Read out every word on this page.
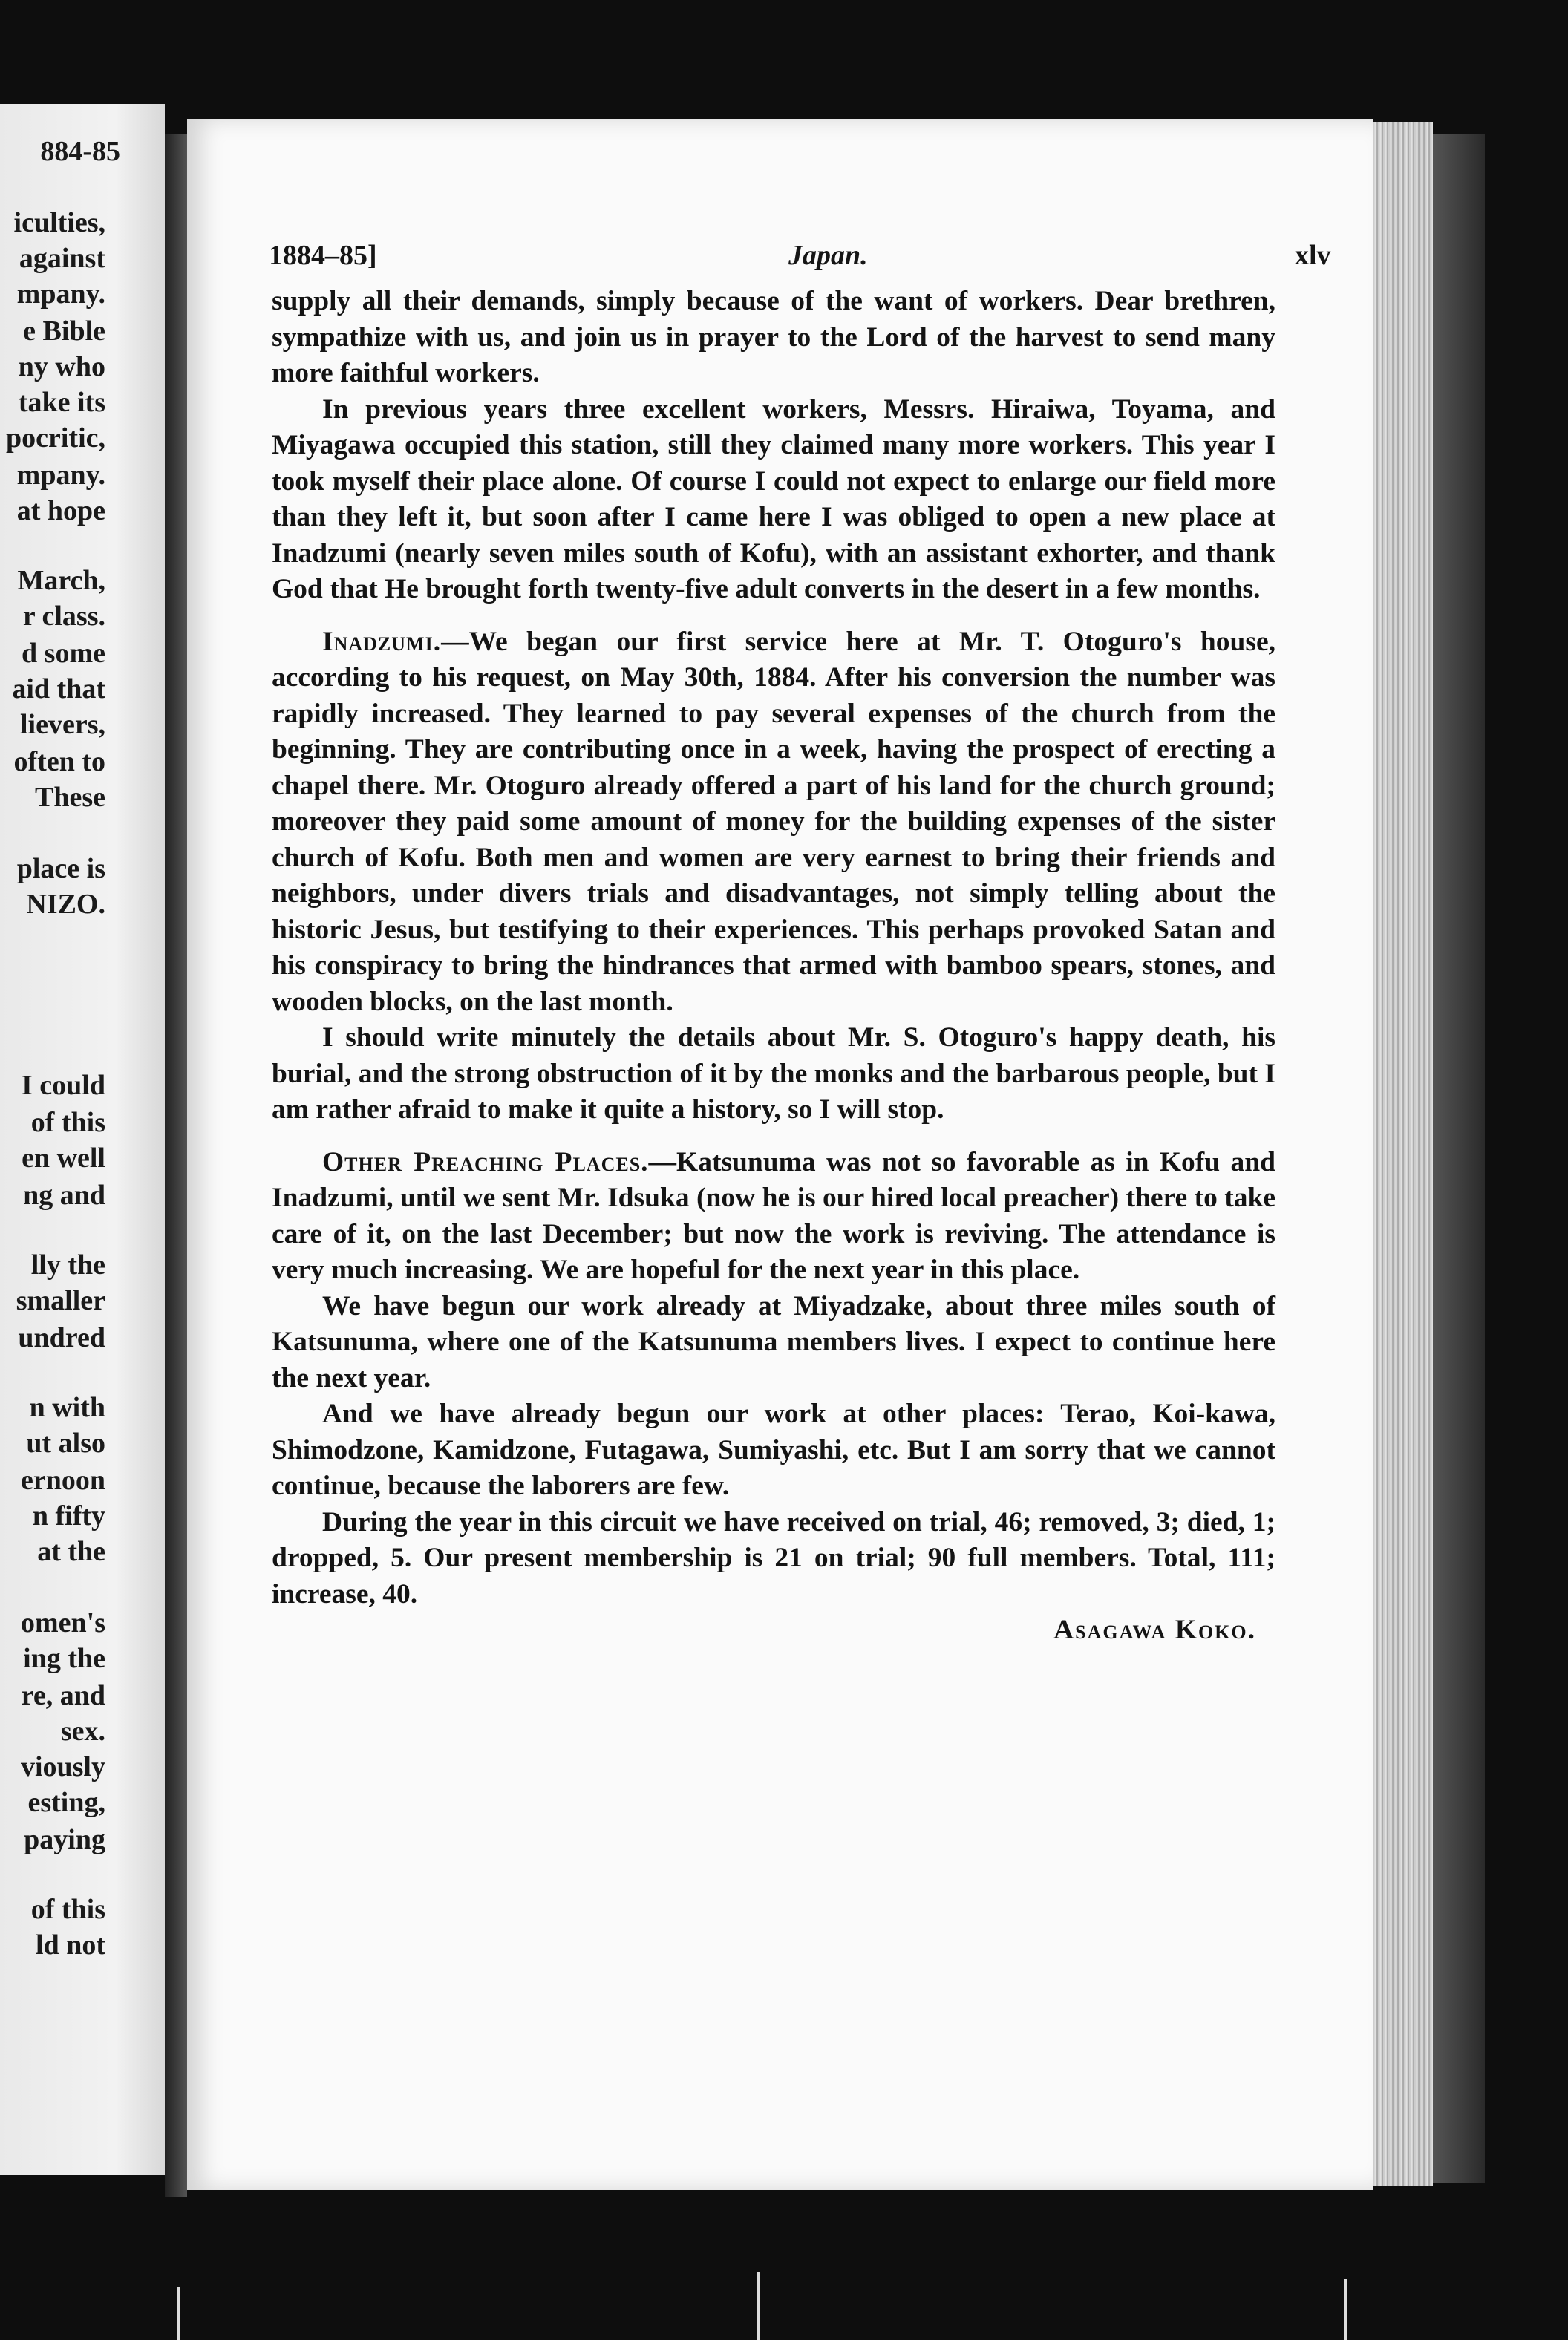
884-85
iculties,
against
mpany.
e Bible
ny who
take its
pocritic,
mpany.
at hope
March,
r class.
d some
aid that
lievers,
often to
These
place is
NIZO.
I could
of this
en well
ng and
lly the
smaller
undred
n with
ut also
ernoon
n fifty
at the
omen's
ing the
re, and
sex.
viously
esting,
paying
of this
ld not
1884–85]	Japan.	xlv

supply all their demands, simply because of the want of workers. Dear brethren, sympathize with us, and join us in prayer to the Lord of the harvest to send many more faithful workers.

In previous years three excellent workers, Messrs. Hiraiwa, Toyama, and Miyagawa occupied this station, still they claimed many more workers. This year I took myself their place alone. Of course I could not expect to enlarge our field more than they left it, but soon after I came here I was obliged to open a new place at Inadzumi (nearly seven miles south of Kofu), with an assistant exhorter, and thank God that He brought forth twenty-five adult converts in the desert in a few months.

Inadzumi.—We began our first service here at Mr. T. Otoguro's house, according to his request, on May 30th, 1884. After his conversion the number was rapidly increased. They learned to pay several expenses of the church from the beginning. They are contributing once in a week, having the prospect of erecting a chapel there. Mr. Otoguro already offered a part of his land for the church ground; moreover they paid some amount of money for the building expenses of the sister church of Kofu. Both men and women are very earnest to bring their friends and neighbors, under divers trials and disadvantages, not simply telling about the historic Jesus, but testifying to their experiences. This perhaps provoked Satan and his conspiracy to bring the hindrances that armed with bamboo spears, stones, and wooden blocks, on the last month.

I should write minutely the details about Mr. S. Otoguro's happy death, his burial, and the strong obstruction of it by the monks and the barbarous people, but I am rather afraid to make it quite a history, so I will stop.

Other Preaching Places.—Katsunuma was not so favorable as in Kofu and Inadzumi, until we sent Mr. Idsuka (now he is our hired local preacher) there to take care of it, on the last December; but now the work is reviving. The attendance is very much increasing. We are hopeful for the next year in this place.

We have begun our work already at Miyadzake, about three miles south of Katsunuma, where one of the Katsunuma members lives. I expect to continue here the next year.

And we have already begun our work at other places: Terao, Koi-kawa, Shimodzone, Kamidzone, Futagawa, Sumiyashi, etc. But I am sorry that we cannot continue, because the laborers are few.

During the year in this circuit we have received on trial, 46; removed, 3; died, 1; dropped, 5. Our present membership is 21 on trial; 90 full members. Total, 111; increase, 40.

Asagawa Koko.
